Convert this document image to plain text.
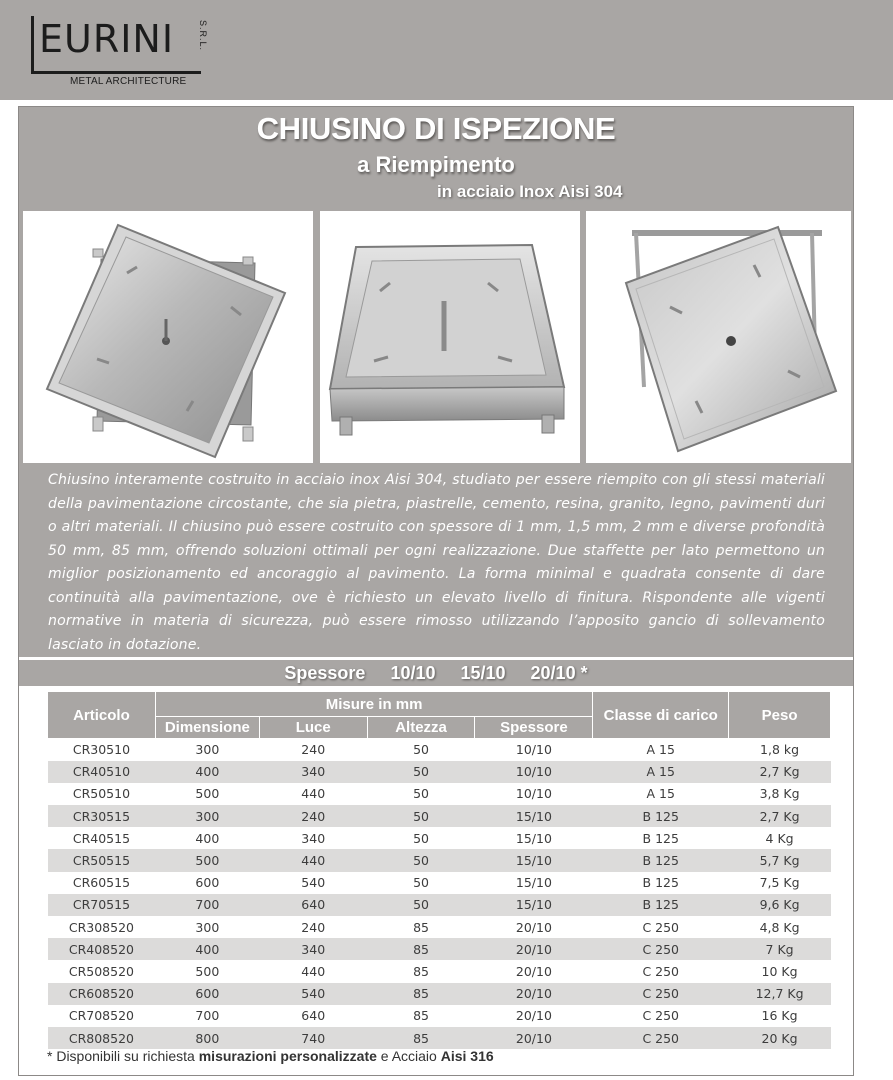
EURINI	S.R.L.
METAL ARCHITECTURE
CHIUSINO DI ISPEZIONE
a Riempimento
in acciaio Inox Aisi 304

Chiusino interamente costruito in acciaio inox Aisi 304, studiato per essere riempito con gli stessi materiali della pavimentazione circostante, che sia pietra, piastrelle, cemento, resina, granito, legno, pavimenti duri o altri materiali. Il chiusino può essere costruito con spessore di 1 mm, 1,5 mm, 2 mm e diverse profondità 50 mm, 85 mm, offrendo soluzioni ottimali per ogni realizzazione. Due staffette per lato permettono un miglior posizionamento ed ancoraggio al pavimento. La forma minimal e quadrata consente di dare continuità alla pavimentazione, ove è richiesto un elevato livello di finitura. Rispondente alle vigenti normative in materia di sicurezza, può essere rimosso utilizzando l’apposito gancio di sollevamento lasciato in dotazione.

Spessore     10/10     15/10     20/10 *
Articolo	Misure in mm				Classe di carico	Peso
	Dimensione	Luce	Altezza	Spessore		
CR30510	300	240	50	10/10	A 15	1,8 kg
CR40510	400	340	50	10/10	A 15	2,7 Kg
CR50510	500	440	50	10/10	A 15	3,8 Kg
CR30515	300	240	50	15/10	B 125	2,7 Kg
CR40515	400	340	50	15/10	B 125	4 Kg
CR50515	500	440	50	15/10	B 125	5,7 Kg
CR60515	600	540	50	15/10	B 125	7,5 Kg
CR70515	700	640	50	15/10	B 125	9,6 Kg
CR308520	300	240	85	20/10	C 250	4,8 Kg
CR408520	400	340	85	20/10	C 250	7 Kg
CR508520	500	440	85	20/10	C 250	10 Kg
CR608520	600	540	85	20/10	C 250	12,7 Kg
CR708520	700	640	85	20/10	C 250	16 Kg
CR808520	800	740	85	20/10	C 250	20 Kg
* Disponibili su richiesta misurazioni personalizzate e Acciaio Aisi 316
